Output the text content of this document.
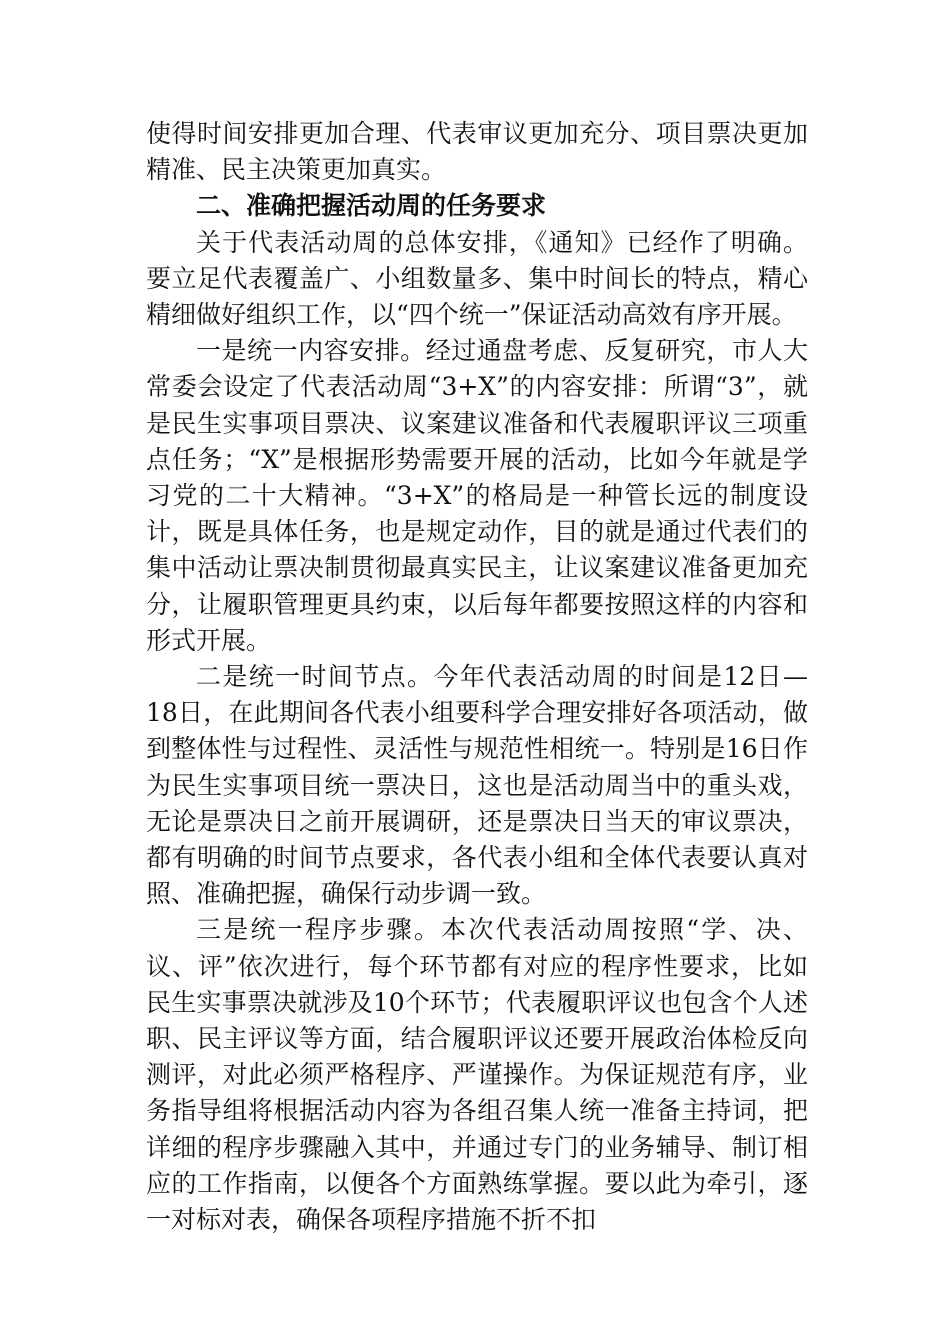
使得时间安排更加合理、代表审议更加充分、项目票决更加精准、民主决策更加真实。

二、准确把握活动周的任务要求

关于代表活动周的总体安排，《通知》已经作了明确。要立足代表覆盖广、小组数量多、集中时间长的特点，精心精细做好组织工作，以“四个统一”保证活动高效有序开展。

一是统一内容安排。经过通盘考虑、反复研究，市人大常委会设定了代表活动周“3+X”的内容安排：所谓“3”，就是民生实事项目票决、议案建议准备和代表履职评议三项重点任务；“X”是根据形势需要开展的活动，比如今年就是学习党的二十大精神。“3+X”的格局是一种管长远的制度设计，既是具体任务，也是规定动作，目的就是通过代表们的集中活动让票决制贯彻最真实民主，让议案建议准备更加充分，让履职管理更具约束，以后每年都要按照这样的内容和形式开展。

二是统一时间节点。今年代表活动周的时间是12日—18日，在此期间各代表小组要科学合理安排好各项活动，做到整体性与过程性、灵活性与规范性相统一。特别是16日作为民生实事项目统一票决日，这也是活动周当中的重头戏，无论是票决日之前开展调研，还是票决日当天的审议票决，都有明确的时间节点要求，各代表小组和全体代表要认真对照、准确把握，确保行动步调一致。

三是统一程序步骤。本次代表活动周按照“学、决、议、评”依次进行，每个环节都有对应的程序性要求，比如民生实事票决就涉及10个环节；代表履职评议也包含个人述职、民主评议等方面，结合履职评议还要开展政治体检反向测评，对此必须严格程序、严谨操作。为保证规范有序，业务指导组将根据活动内容为各组召集人统一准备主持词，把详细的程序步骤融入其中，并通过专门的业务辅导、制订相应的工作指南，以便各个方面熟练掌握。要以此为牵引，逐一对标对表，确保各项程序措施不折不扣
